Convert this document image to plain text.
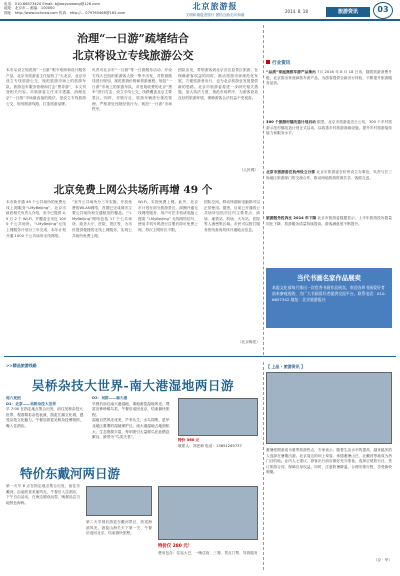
电话：010-66573420 Email: bjjiaoyouwang@126.com
地址：北京市... 邮编：100000
网址：http://www.bchnxw.com 传真：http://... 079765468@163.com
北京旅游报
文明和谐促进旅行 团结互助走向和谐
2014. 8. 18	旅游资讯	03
治理“一日游”疏堵结合
北京将设立专线旅游公交
本市从设立规范的“一日游”明令取缔和设计服务产品，北京市旅游委主任接待了“大北京，北京市设立专线旅游公交，规范旅游市场上的旅游车队、旅游包车服务管理和打击“黑导游”，本文刊登相关内容。市旅游委主任宋宇透露，治理北京“一日游”市场最直接的做法，是设立专线旅游公交，规划旅游线路，打造旅游品牌。
负责对北京市“一日游”等一日游服务活动，开设专线大巴组织旅游客人统一集中出发，对旅游路线进行规划，规范旅游价格和旅游流程。规范“一日游”市场上的旅游车队，对违规收费的北京“黑车”进行打击，设立专线公交，线路覆盖北京主要景区。同时，对旅行社、旅游车辆进行规范管理，严格查处违规经营行为，规范“一日游”市场秩序。
团队出发，带领游客到北京各区县景区旅游，在保障游客权益的同时，推动旅游市场规范化发展，方便旅游者出行，也为北京旅游业发展提供新的思路。北京市旅游委将进一步研究相关措施，加大执法力度，规范市场秩序，为游客营造良好的旅游环境，保障游客合法权益不受侵害。
（人民网）
北京免费上网公共场所再增 49 个
本市新开通 49 个公共场所的免费无线上网服务“i-MyBeijing”，北京市政府相关负责人介绍，至今已提供 4.5 万 2 个 Wi-Fi，并覆盖全市近 1000 个公共场所。“i-MyBeijing”无线上网服务计划分三年完成，本年计划开通 1000 个公共场所无线网络。
“室外公共场所分三年实施，开放免费的WLAN网络，首期已完成城市主要公共场所和交通枢纽的覆盖。”“i-MyBeijing”网络包括 17 个公共场所、政务大厅、医院、景区等，为市民提供便捷的无线上网服务，实现公共场所免费上网。
Wi-Fi，实现免费上网。此外，北京市计划在部分旅游景区、商圈开通无线网络服务，用户可在手机或电脑上搜索 “i-MyBeijing” 无线网络信号，使用手机号码进行注册后即可免费上网，每次上网时长不限。
团队空间，移动终端和电脑都可以正常使用。据悉，目前已开通的公共场所包括市区内主要景点、商场、地铁站、机场、火车站、医院等人流密集区域。市民可以拨打服务热线查询具体开通地点信息。
（北京晚报）
行业资讯
“品质”家庭商旅车游产品推出 7月 2016 年 8 月 18 日讯，随着旅游消费升级，北京推出家庭商旅车游产品，为游客提供全新出行体验，不断提升旅游服务品质。
300 个旅游村镇改造计划启动 据悉，北京市旅游委近日公布，300 个乡村旅游示范村镇改造计划正式启动，以改善乡村旅游基础设施，提升乡村旅游接待能力和服务水平。
北京市旅游委在杭州设立分部 北京市旅游委在杭州设立办事处，负责与长三角地区旅游部门的交流合作，推动两地旅游资源共享、客源互送。
旅游服务投诉比 2014 年下降 北京市旅游委数据显示，上半年旅游投诉数量同比下降，旅游服务质量持续提高，游客满意度不断提升。
当代书画名家作品展卖
本报文化部每月推出一次优秀书画作品展卖，欢迎各界书画爱好者前来参观选购，为广大书画爱好者提供交流平台。联系电话：010-6657342 地址：北京旅游报社
>>精品旅游线路
吴桥杂技大世界-南大港湿地两日游
周六发团
D1：北京——吴桥杂技大世界
早 7:00 在指定地点集合出发，前往吴桥杂技大世界，观看精彩杂技表演，游览江湖文化城，感受杂技文化魅力。午餐后游览吴桥杂技博物馆，晚入住酒店。
D2：吴桥——南大港
早餐后前往南大港湿地，乘船游览湿地风光，观赏各种珍稀鸟类，午餐后返回北京，结束愉快旅程。
湿地自然风光优美，芦苇丛生，水鸟翔集，是华北地区重要的湿地保护区。南大港湿地占地面积大，生态资源丰富，每年吸引大量候鸟在此栖息繁衍，被誉为“鸟类天堂”。
特价 360 元
联系人：刘老师 电话：13651265737
特价东戴河两日游
第一天早 6 点在指定地点集合出发，前往东戴河。沿途欣赏美丽风光，午餐后入住酒店，下午自由活动，在海边嬉戏玩耍，晚餐品尝当地特色海鲜。
第二天早餐后游览东戴河景区，欣赏海滨风光，游览山海关天下第一关，午餐后返回北京，结束愉快旅程。
特价仅 280 元！
费用包含：往返大巴、一晚住宿、三餐、景点门票、导游服务
【 上品 · 旅游资讯 】
避暑度假游成为夏季旅游热点，专家表示，随着生活水平的提高，越来越多的人选择在暑期出游。北京周边的坝上草原、承德避暑山庄、北戴河等地成为热门目的地。业内人士建议，游客出行前应做好充分准备，选择正规旅行社，签订旅游合同，保障自身权益。同时，注意防暑降温，合理安排行程，享受愉快假期。
（京 · 华）
